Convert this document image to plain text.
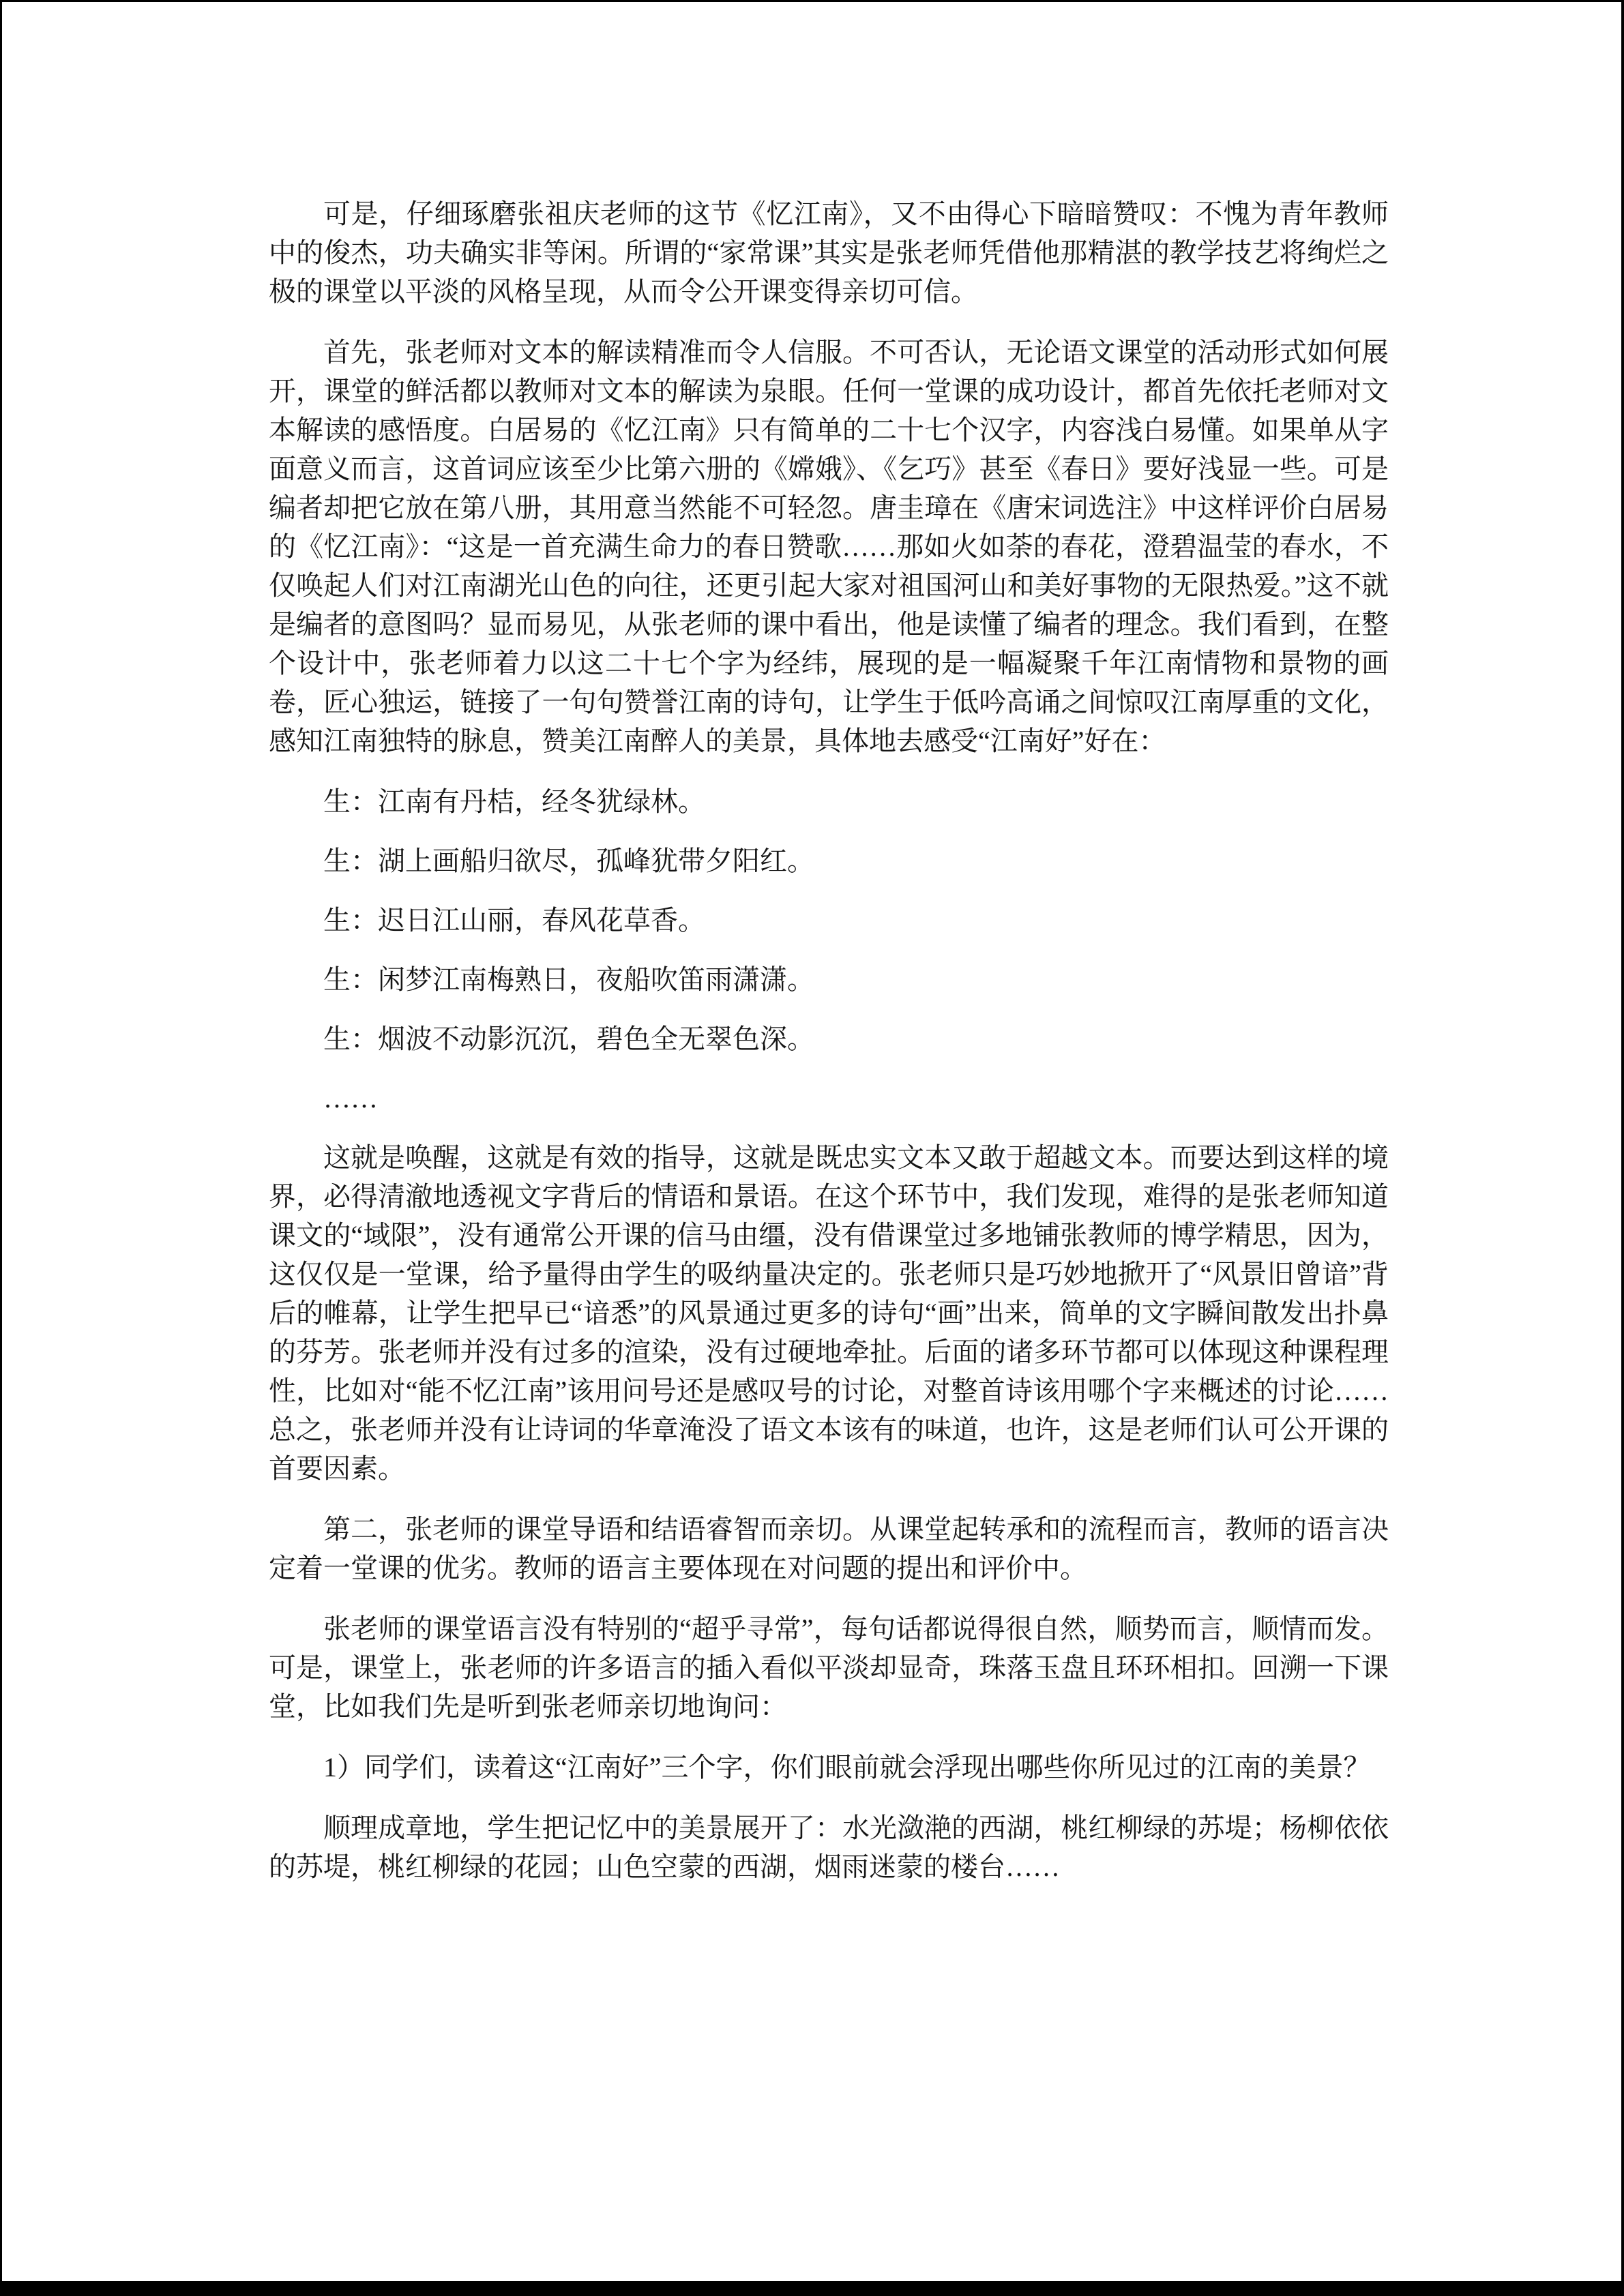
可是，仔细琢磨张祖庆老师的这节《忆江南》，又不由得心下暗暗赞叹：不愧为青年教师中的俊杰，功夫确实非等闲。所谓的“家常课”其实是张老师凭借他那精湛的教学技艺将绚烂之极的课堂以平淡的风格呈现，从而令公开课变得亲切可信。

首先，张老师对文本的解读精准而令人信服。不可否认，无论语文课堂的活动形式如何展开，课堂的鲜活都以教师对文本的解读为泉眼。任何一堂课的成功设计，都首先依托老师对文本解读的感悟度。白居易的《忆江南》只有简单的二十七个汉字，内容浅白易懂。如果单从字面意义而言，这首词应该至少比第六册的《嫦娥》、《乞巧》甚至《春日》要好浅显一些。可是编者却把它放在第八册，其用意当然能不可轻忽。唐圭璋在《唐宋词选注》中这样评价白居易的《忆江南》：“这是一首充满生命力的春日赞歌……那如火如荼的春花，澄碧温莹的春水，不仅唤起人们对江南湖光山色的向往，还更引起大家对祖国河山和美好事物的无限热爱。”这不就是编者的意图吗？显而易见，从张老师的课中看出，他是读懂了编者的理念。我们看到，在整个设计中，张老师着力以这二十七个字为经纬，展现的是一幅凝聚千年江南情物和景物的画卷，匠心独运，链接了一句句赞誉江南的诗句，让学生于低吟高诵之间惊叹江南厚重的文化，感知江南独特的脉息，赞美江南醉人的美景，具体地去感受“江南好”好在：

生：江南有丹桔，经冬犹绿林。

生：湖上画船归欲尽，孤峰犹带夕阳红。

生：迟日江山丽，春风花草香。

生：闲梦江南梅熟日，夜船吹笛雨潇潇。

生：烟波不动影沉沉，碧色全无翠色深。

……

这就是唤醒，这就是有效的指导，这就是既忠实文本又敢于超越文本。而要达到这样的境界，必得清澈地透视文字背后的情语和景语。在这个环节中，我们发现，难得的是张老师知道课文的“域限”，没有通常公开课的信马由缰，没有借课堂过多地铺张教师的博学精思，因为，这仅仅是一堂课，给予量得由学生的吸纳量决定的。张老师只是巧妙地掀开了“风景旧曾谙”背后的帷幕，让学生把早已“谙悉”的风景通过更多的诗句“画”出来，简单的文字瞬间散发出扑鼻的芬芳。张老师并没有过多的渲染，没有过硬地牵扯。后面的诸多环节都可以体现这种课程理性，比如对“能不忆江南”该用问号还是感叹号的讨论，对整首诗该用哪个字来概述的讨论……总之，张老师并没有让诗词的华章淹没了语文本该有的味道，也许，这是老师们认可公开课的首要因素。

第二，张老师的课堂导语和结语睿智而亲切。从课堂起转承和的流程而言，教师的语言决定着一堂课的优劣。教师的语言主要体现在对问题的提出和评价中。

张老师的课堂语言没有特别的“超乎寻常”，每句话都说得很自然，顺势而言，顺情而发。可是，课堂上，张老师的许多语言的插入看似平淡却显奇，珠落玉盘且环环相扣。回溯一下课堂，比如我们先是听到张老师亲切地询问：

1）同学们，读着这“江南好”三个字，你们眼前就会浮现出哪些你所见过的江南的美景？

顺理成章地，学生把记忆中的美景展开了：水光潋滟的西湖，桃红柳绿的苏堤；杨柳依依的苏堤，桃红柳绿的花园；山色空蒙的西湖，烟雨迷蒙的楼台……
